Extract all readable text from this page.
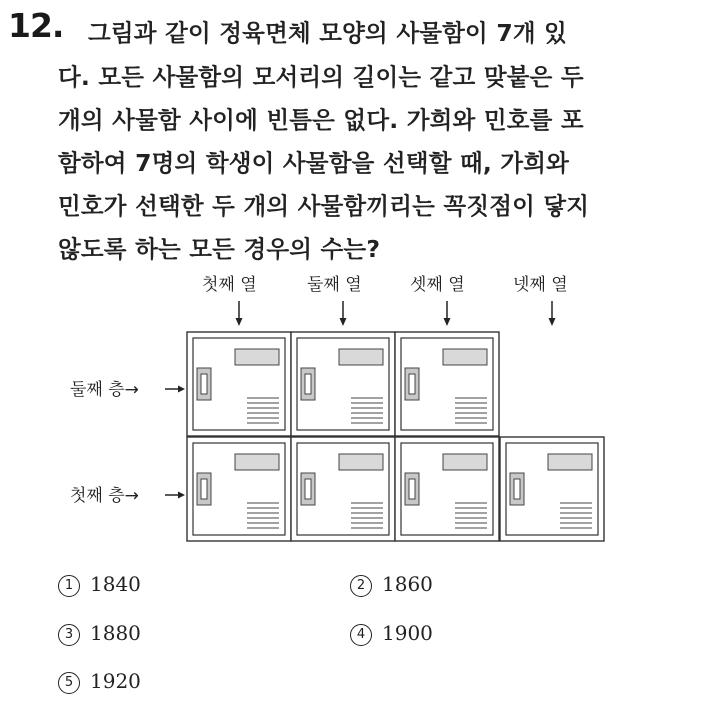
12. 그림과 같이 정육면체 모양의 사물함이 7개 있
다. 모든 사물함의 모서리의 길이는 같고 맞붙은 두
개의 사물함 사이에 빈틈은 없다. 가희와 민호를 포
함하여 7명의 학생이 사물함을 선택할 때, 가희와
민호가 선택한 두 개의 사물함끼리는 꼭짓점이 닿지
않도록 하는 모든 경우의 수는?
첫째 열	둘째 열	셋째 열	넷째 열
둘째 층→
첫째 층→
1 1840	2 1860
3 1880	4 1900
5 1920
